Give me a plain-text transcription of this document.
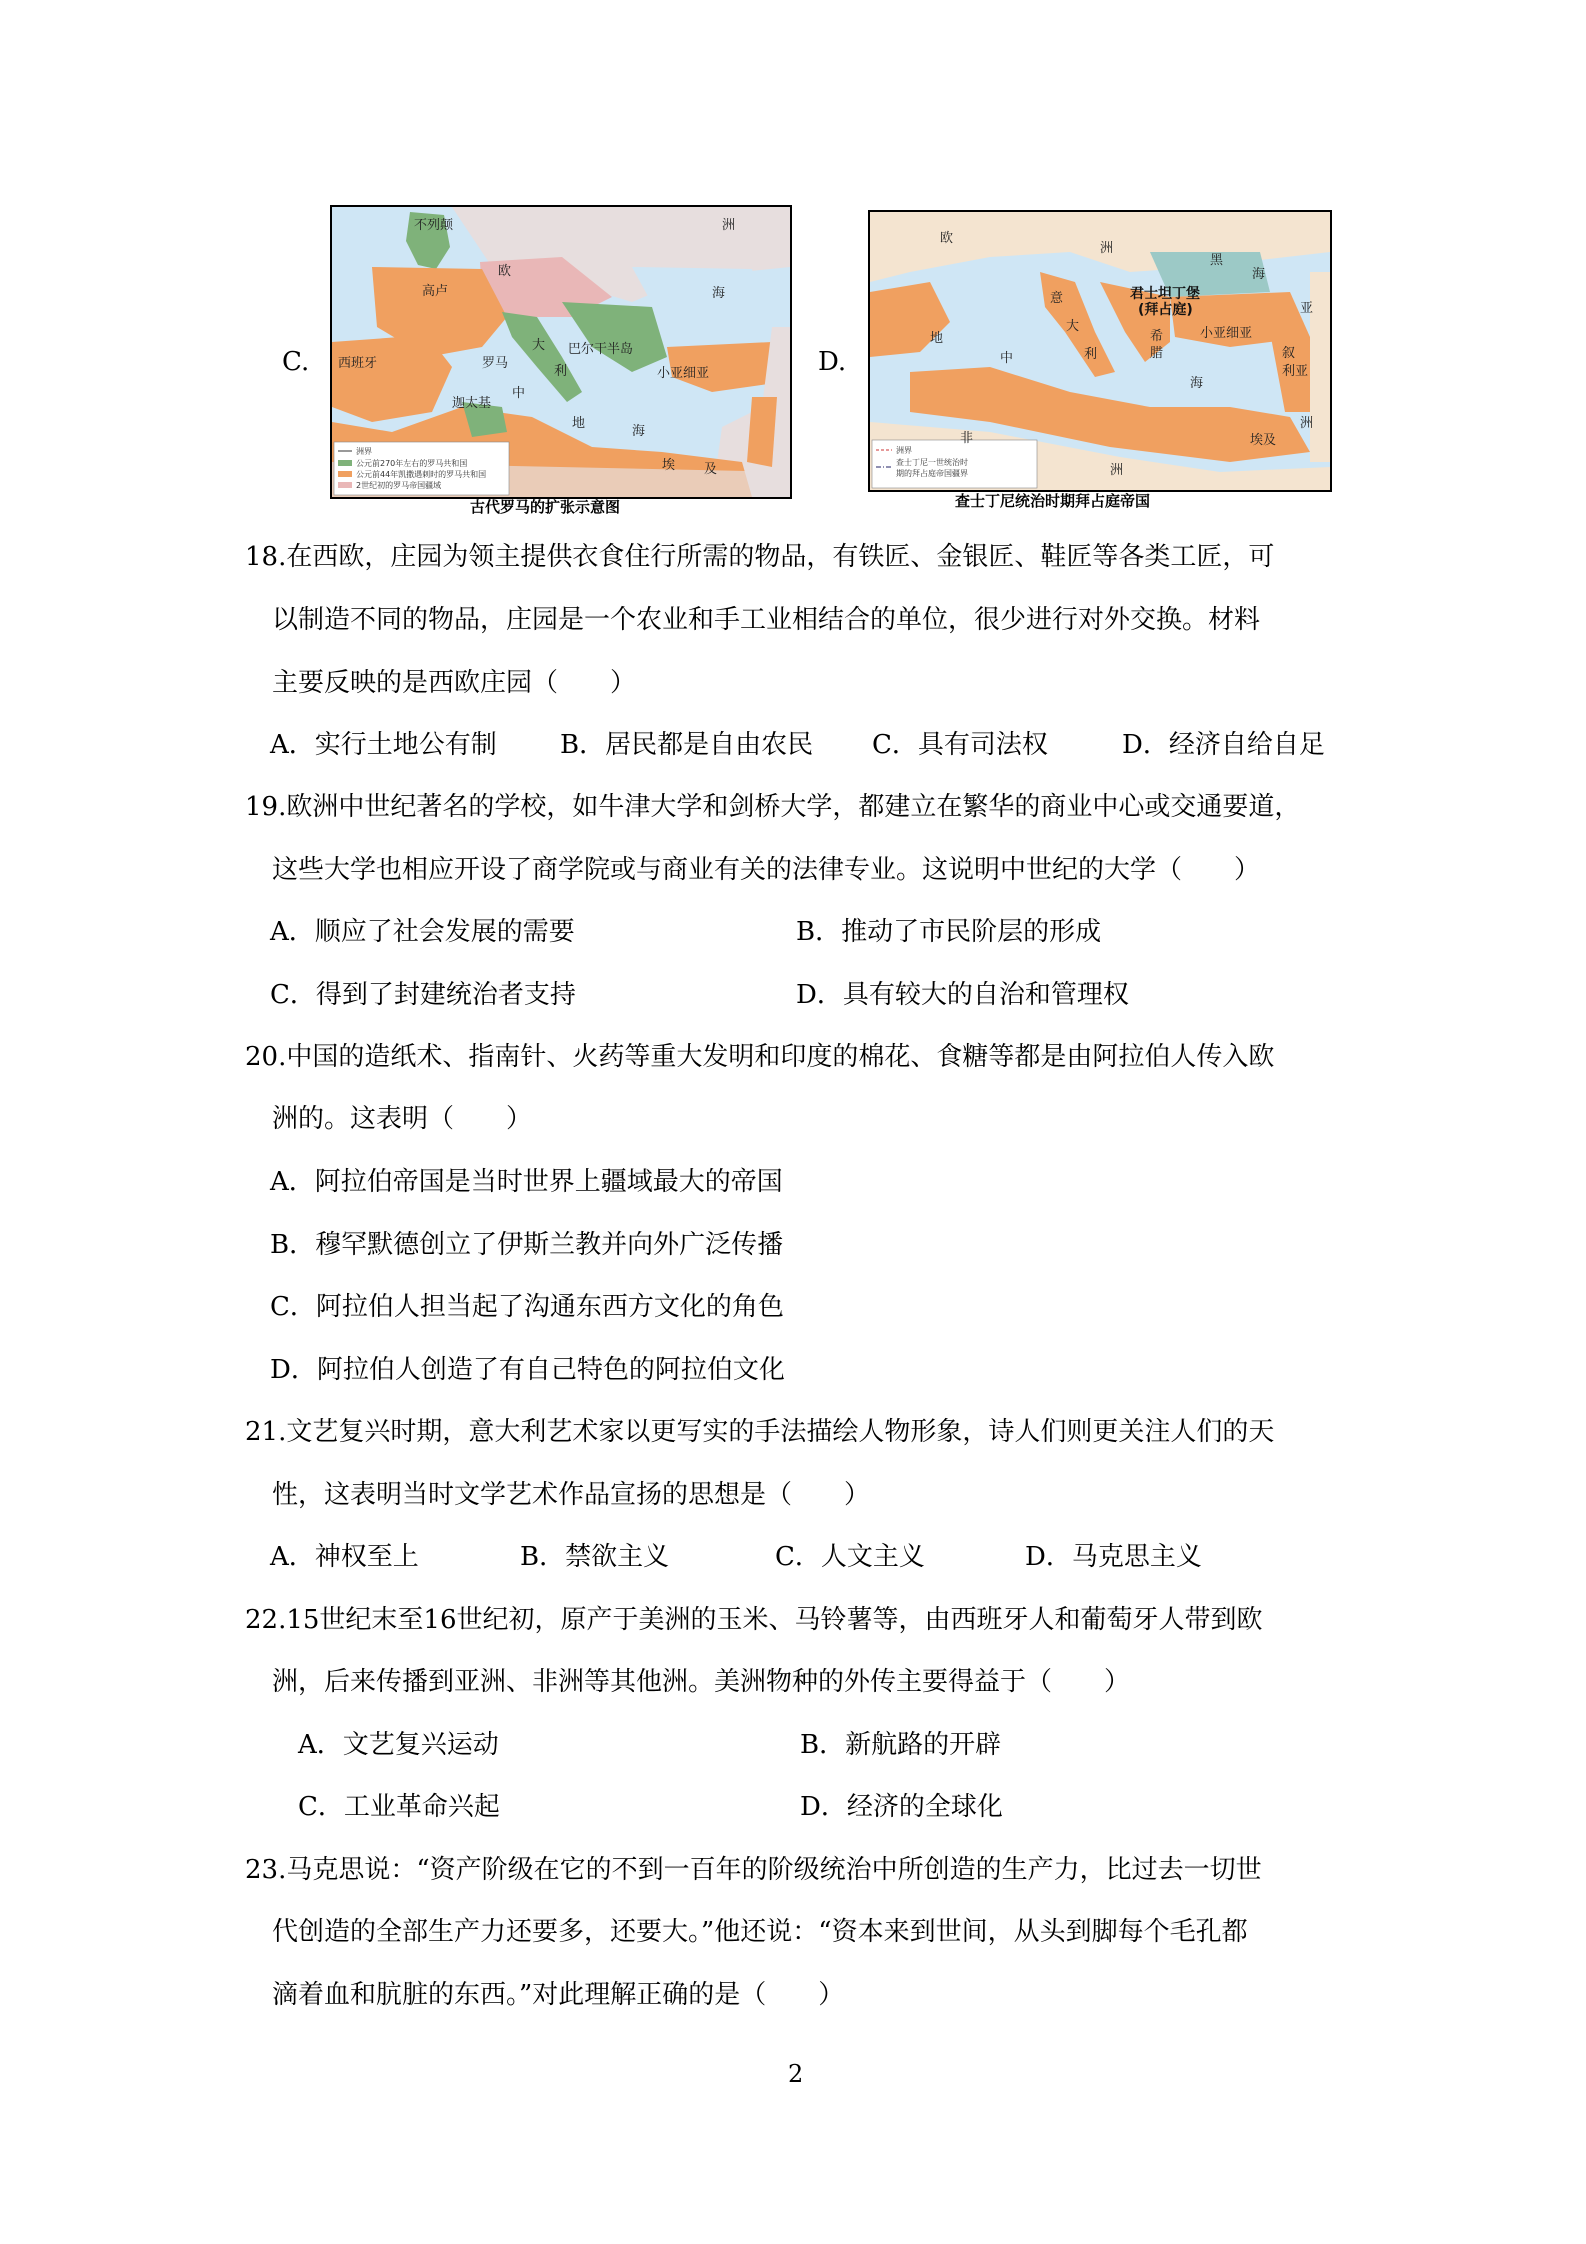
C.
洲界
公元前270年左右的罗马共和国
公元前44年凯撒遇刺时的罗马共和国
2世纪初的罗马帝国疆域
不列颠
高卢
欧
西班牙	罗马
大
利
巴尔干半岛
小亚细亚
迦太基
海
埃 及
洲
海
中
地
古代罗马的扩张示意图
D.
洲界
查士丁尼一世统治时
期的拜占庭帝国疆界
欧
洲
意
大
利
君士坦丁堡
(拜占庭)
黑
海
小亚细亚
叙
利亚
希
腊
非
洲
埃及
亚
洲
地
中
海
查士丁尼统治时期拜占庭帝国
18.在西欧，庄园为领主提供衣食住行所需的物品，有铁匠、金银匠、鞋匠等各类工匠，可
以制造不同的物品，庄园是一个农业和手工业相结合的单位，很少进行对外交换。材料
主要反映的是西欧庄园（　　）
A．实行土地公有制 B．居民都是自由农民 C．具有司法权	D．经济自给自足
19.欧洲中世纪著名的学校，如牛津大学和剑桥大学，都建立在繁华的商业中心或交通要道，
这些大学也相应开设了商学院或与商业有关的法律专业。这说明中世纪的大学（　　）
A．顺应了社会发展的需要	B．推动了市民阶层的形成
C．得到了封建统治者支持	D．具有较大的自治和管理权
20.中国的造纸术、指南针、火药等重大发明和印度的棉花、食糖等都是由阿拉伯人传入欧
洲的。这表明（　　）
A．阿拉伯帝国是当时世界上疆域最大的帝国
B．穆罕默德创立了伊斯兰教并向外广泛传播
C．阿拉伯人担当起了沟通东西方文化的角色
D．阿拉伯人创造了有自己特色的阿拉伯文化
21.文艺复兴时期，意大利艺术家以更写实的手法描绘人物形象，诗人们则更关注人们的天
性，这表明当时文学艺术作品宣扬的思想是（　　）
A．神权至上	B．禁欲主义	C．人文主义	D．马克思主义
22.15世纪末至16世纪初，原产于美洲的玉米、马铃薯等，由西班牙人和葡萄牙人带到欧
洲，后来传播到亚洲、非洲等其他洲。美洲物种的外传主要得益于（　　）
A．文艺复兴运动	B．新航路的开辟
C．工业革命兴起	D．经济的全球化
23.马克思说：“资产阶级在它的不到一百年的阶级统治中所创造的生产力，比过去一切世
代创造的全部生产力还要多，还要大。”他还说：“资本来到世间，从头到脚每个毛孔都
滴着血和肮脏的东西。”对此理解正确的是（　　）
2
